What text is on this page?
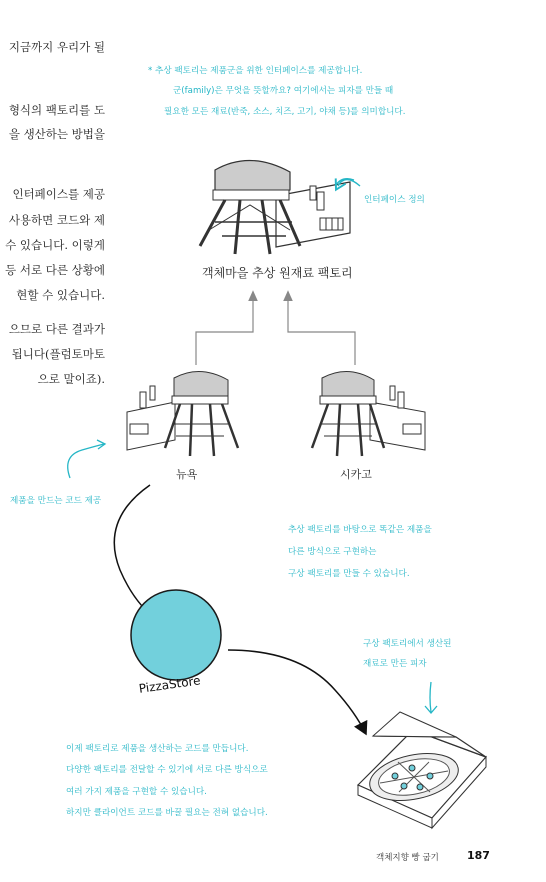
지금까지 우리가 될
형식의 팩토리를 도
을 생산하는 방법을
인터페이스를 제공
사용하면 코드와 제
수 있습니다. 이렇게
등 서로 다른 상황에
현할 수 있습니다.
으므로 다른 결과가
됩니다(플럼토마토
으로 말이죠).
* 추상 팩토리는 제품군을 위한 인터페이스를 제공합니다.
군(family)은 무엇을 뜻할까요? 여기에서는 피자를 만들 때
필요한 모든 재료(반죽, 소스, 치즈, 고기, 야채 등)를 의미합니다.
객체마을 추상 원재료 팩토리
뉴욕	시카고
PizzaStore
인터페이스 정의
제품을 만드는 코드 제공
추상 팩토리를 바탕으로 똑같은 제품을
다른 방식으로 구현하는
구상 팩토리를 만들 수 있습니다.
구상 팩토리에서 생산된
재료로 만든 피자
이제 팩토리로 제품을 생산하는 코드를 만듭니다.
다양한 팩토리를 전달할 수 있기에 서로 다른 방식으로
여러 가지 제품을 구현할 수 있습니다.
하지만 클라이언트 코드를 바꿀 필요는 전혀 없습니다.
객체지향 빵 굽기	187
